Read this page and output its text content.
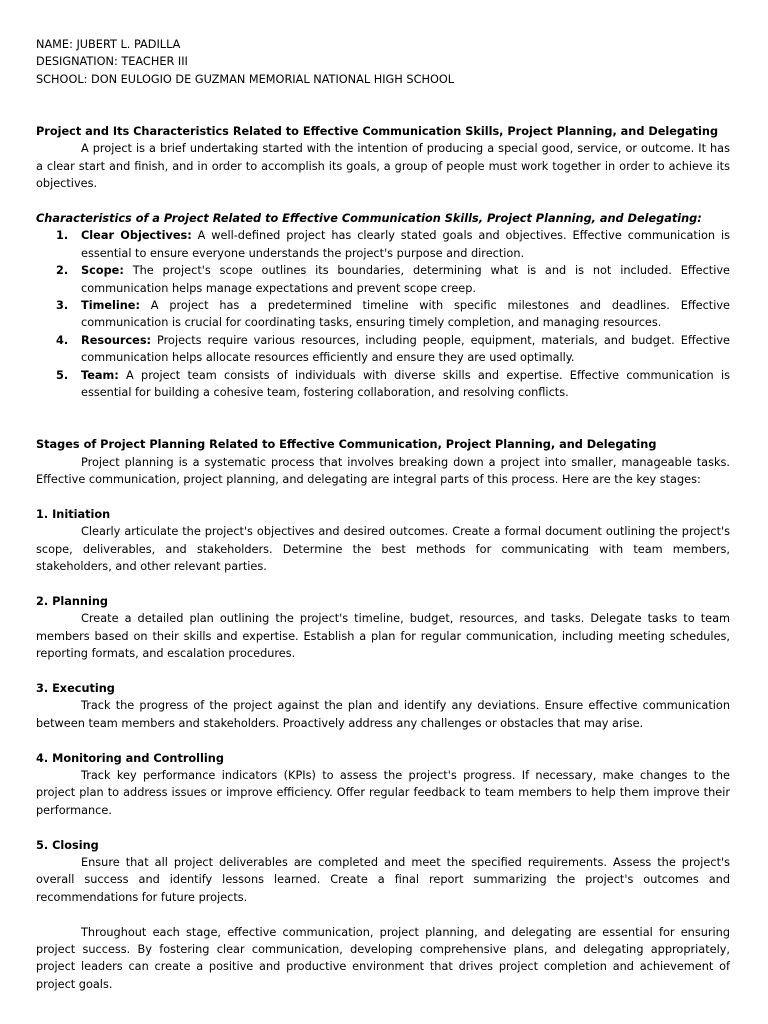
NAME: JUBERT L. PADILLA
DESIGNATION: TEACHER III
SCHOOL: DON EULOGIO DE GUZMAN MEMORIAL NATIONAL HIGH SCHOOL
Project and Its Characteristics Related to Effective Communication Skills, Project Planning, and Delegating

A project is a brief undertaking started with the intention of producing a special good, service, or outcome. It has a clear start and finish, and in order to accomplish its goals, a group of people must work together in order to achieve its objectives.

Characteristics of a Project Related to Effective Communication Skills, Project Planning, and Delegating:
1. Clear Objectives: A well-defined project has clearly stated goals and objectives. Effective communication is essential to ensure everyone understands the project's purpose and direction.
2. Scope: The project's scope outlines its boundaries, determining what is and is not included. Effective communication helps manage expectations and prevent scope creep.
3. Timeline: A project has a predetermined timeline with specific milestones and deadlines. Effective communication is crucial for coordinating tasks, ensuring timely completion, and managing resources.
4. Resources: Projects require various resources, including people, equipment, materials, and budget. Effective communication helps allocate resources efficiently and ensure they are used optimally.
5. Team: A project team consists of individuals with diverse skills and expertise. Effective communication is essential for building a cohesive team, fostering collaboration, and resolving conflicts.
Stages of Project Planning Related to Effective Communication, Project Planning, and Delegating

Project planning is a systematic process that involves breaking down a project into smaller, manageable tasks. Effective communication, project planning, and delegating are integral parts of this process. Here are the key stages:

1. Initiation

Clearly articulate the project's objectives and desired outcomes. Create a formal document outlining the project's scope, deliverables, and stakeholders. Determine the best methods for communicating with team members, stakeholders, and other relevant parties.

2. Planning

Create a detailed plan outlining the project's timeline, budget, resources, and tasks. Delegate tasks to team members based on their skills and expertise. Establish a plan for regular communication, including meeting schedules, reporting formats, and escalation procedures.

3. Executing

Track the progress of the project against the plan and identify any deviations. Ensure effective communication between team members and stakeholders. Proactively address any challenges or obstacles that may arise.

4. Monitoring and Controlling

Track key performance indicators (KPIs) to assess the project's progress. If necessary, make changes to the project plan to address issues or improve efficiency. Offer regular feedback to team members to help them improve their performance.

5. Closing

Ensure that all project deliverables are completed and meet the specified requirements. Assess the project's overall success and identify lessons learned. Create a final report summarizing the project's outcomes and recommendations for future projects.

Throughout each stage, effective communication, project planning, and delegating are essential for ensuring project success. By fostering clear communication, developing comprehensive plans, and delegating appropriately, project leaders can create a positive and productive environment that drives project completion and achievement of project goals.
